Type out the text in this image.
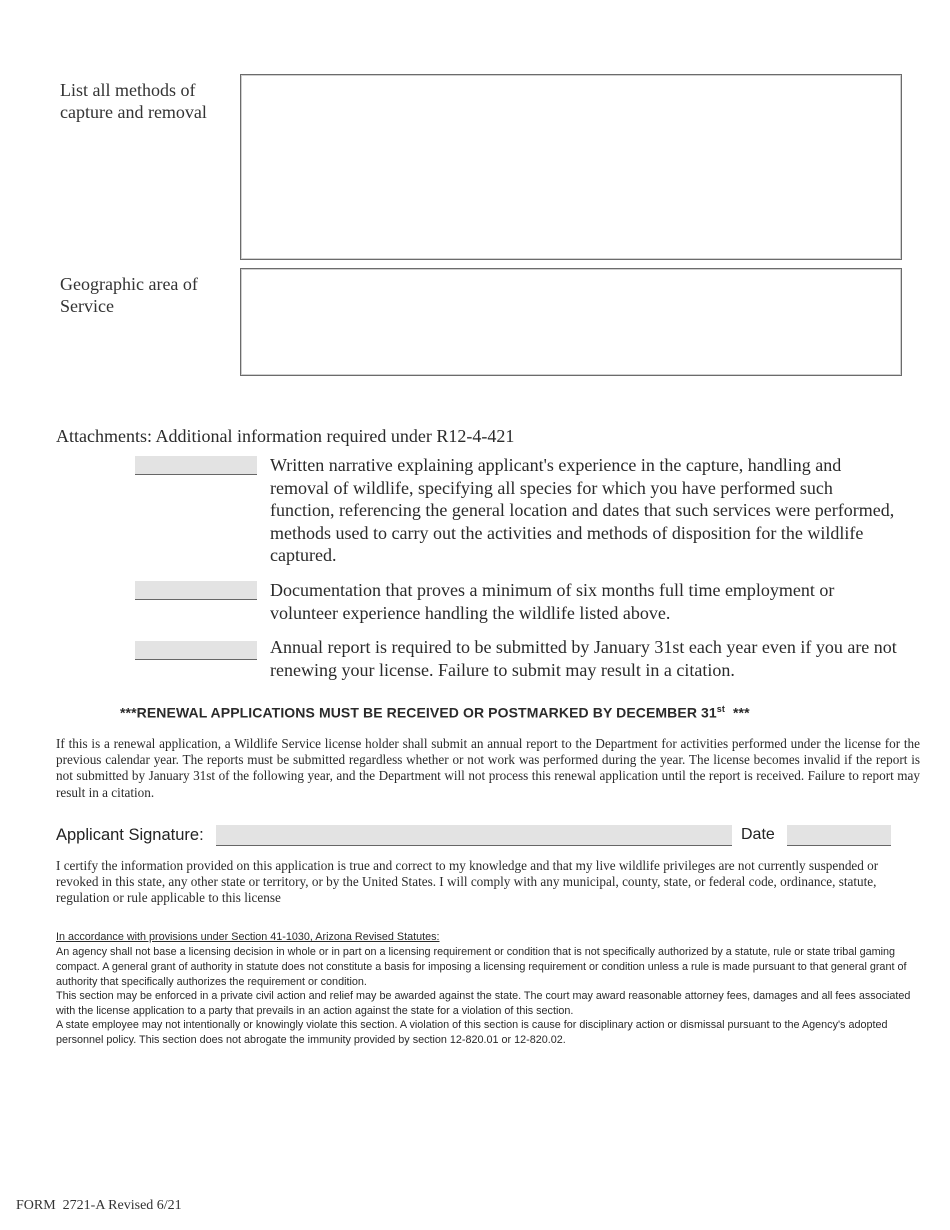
List all methods of capture and removal
Geographic area of Service
Attachments: Additional information required under R12-4-421
Written narrative explaining applicant's experience in the capture, handling and removal of wildlife, specifying all species for which you have performed such function, referencing the general location and dates that such services were performed, methods used to carry out the activities and methods of disposition for the wildlife captured.
Documentation that proves a minimum of six months full time employment or volunteer experience handling the wildlife listed above.
Annual report is required to be submitted by January 31st each year even if you are not renewing your license. Failure to submit may result in a citation.
***RENEWAL APPLICATIONS MUST BE RECEIVED OR POSTMARKED BY DECEMBER 31st  ***
If this is a renewal application, a Wildlife Service license holder shall submit an annual report to the Department for activities performed under the license for the previous calendar year. The reports must be submitted regardless whether or not work was performed during the year. The license becomes invalid if the report is not submitted by January 31st of the following year, and the Department will not process this renewal application until the report is received. Failure to report may result in a citation.
Applicant Signature:	Date
I certify the information provided on this application is true and correct to my knowledge and that my live wildlife privileges are not currently suspended or revoked in this state, any other state or territory, or by the United States. I will comply with any municipal, county, state, or federal code, ordinance, statute, regulation or rule applicable to this license
In accordance with provisions under Section 41-1030, Arizona Revised Statutes:
An agency shall not base a licensing decision in whole or in part on a licensing requirement or condition that is not specifically authorized by a statute, rule or state tribal gaming compact. A general grant of authority in statute does not constitute a basis for imposing a licensing requirement or condition unless a rule is made pursuant to that general grant of authority that specifically authorizes the requirement or condition.
This section may be enforced in a private civil action and relief may be awarded against the state. The court may award reasonable attorney fees, damages and all fees associated with the license application to a party that prevails in an action against the state for a violation of this section.
A state employee may not intentionally or knowingly violate this section. A violation of this section is cause for disciplinary action or dismissal pursuant to the Agency's adopted personnel policy. This section does not abrogate the immunity provided by section 12-820.01 or 12-820.02.
FORM  2721-A Revised 6/21
